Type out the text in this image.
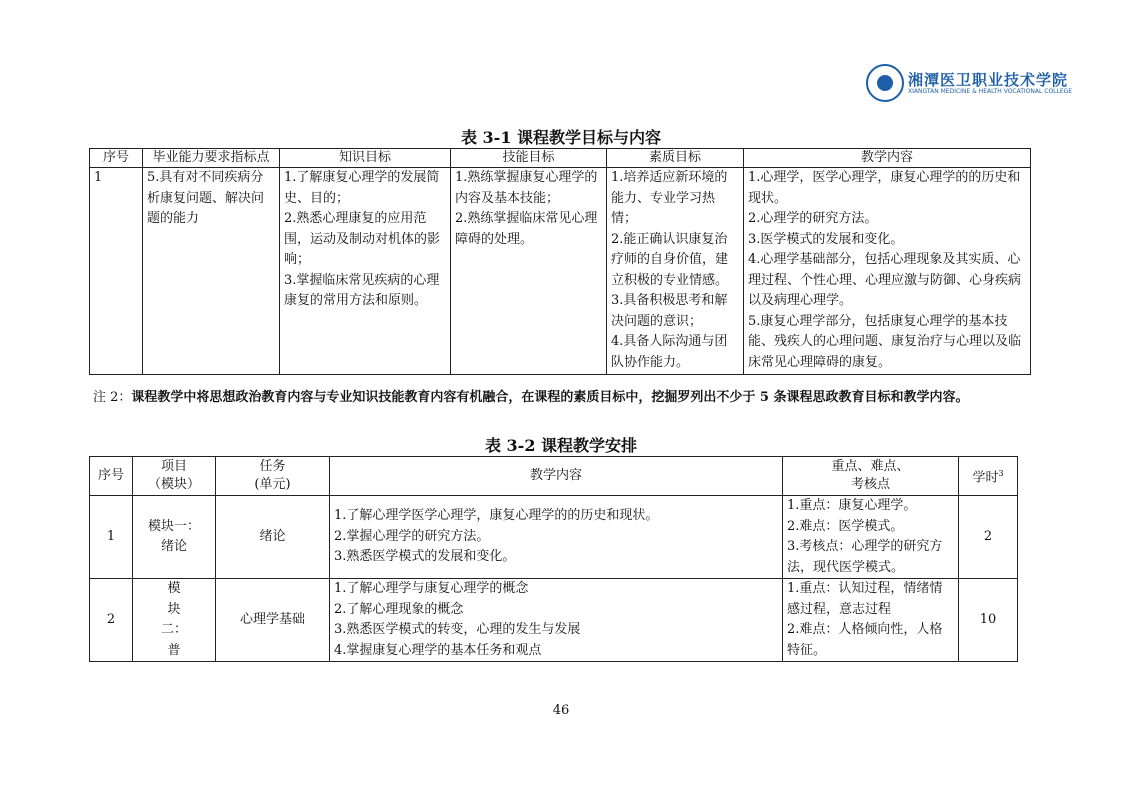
湘潭医卫职业技术学院
XIANGTAN MEDICINE & HEALTH VOCATIONAL COLLEGE
表 3-1 课程教学目标与内容
序号	毕业能力要求指标点	知识目标	技能目标	素质目标	教学内容
1	5.具有对不同疾病分析康复问题、解决问题的能力	1.了解康复心理学的发展简史、目的；
2.熟悉心理康复的应用范围，运动及制动对机体的影响；
3.掌握临床常见疾病的心理康复的常用方法和原则。	1.熟练掌握康复心理学的内容及基本技能；
2.熟练掌握临床常见心理障碍的处理。	1.培养适应新环境的能力、专业学习热情；
2.能正确认识康复治疗师的自身价值，建立积极的专业情感。
3.具备积极思考和解决问题的意识；
4.具备人际沟通与团队协作能力。	1.心理学，医学心理学，康复心理学的的历史和现状。
2.心理学的研究方法。
3.医学模式的发展和变化。
4.心理学基础部分，包括心理现象及其实质、心理过程、个性心理、心理应激与防御、心身疾病以及病理心理学。
5.康复心理学部分，包括康复心理学的基本技能、残疾人的心理问题、康复治疗与心理以及临床常见心理障碍的康复。
注 2：课程教学中将思想政治教育内容与专业知识技能教育内容有机融合，在课程的素质目标中，挖掘罗列出不少于 5 条课程思政教育目标和教学内容。
表 3-2 课程教学安排
序号	项目
（模块）	任务
(单元)	教学内容	重点、难点、
考核点	学时$^3$
1	模块一：
绪论	绪论	1.了解心理学医学心理学，康复心理学的的历史和现状。
2.掌握心理学的研究方法。
3.熟悉医学模式的发展和变化。	1.重点：康复心理学。
2.难点：医学模式。
3.考核点：心理学的研究方法，现代医学模式。	2
2	模
块
二：
普	心理学基础	1.了解心理学与康复心理学的概念
2.了解心理现象的概念
3.熟悉医学模式的转变，心理的发生与发展
4.掌握康复心理学的基本任务和观点	1.重点：认知过程，情绪情感过程，意志过程
2.难点：人格倾向性，人格特征。	10
46
